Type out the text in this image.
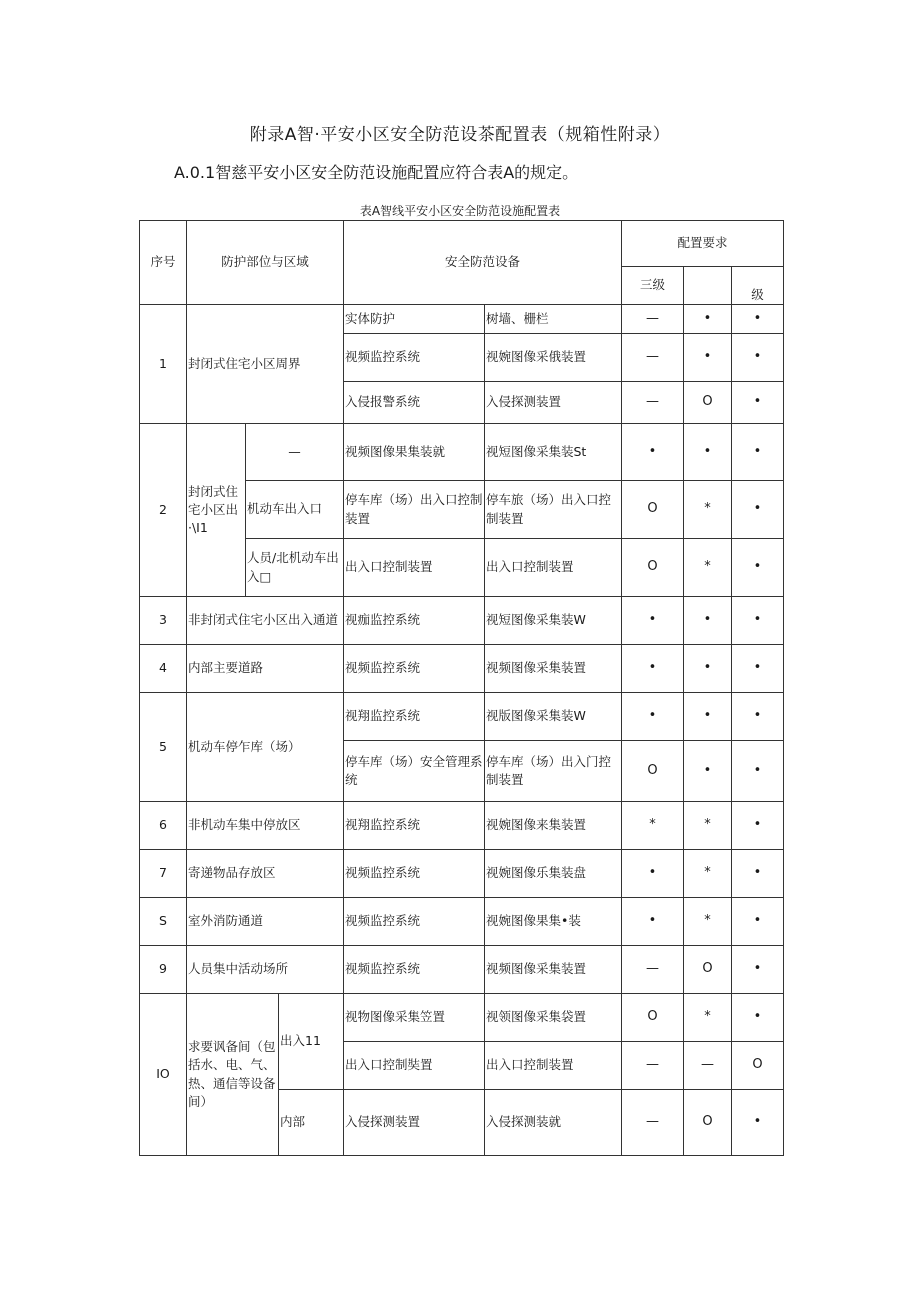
附录A智·平安小区安全防范设茶配置表（规箱性附录）

A.0.1智慈平安小区安全防范设施配置应符合表A的规定。

表A智线平安小区安全防范设施配置表

序号	防护部位与区域			安全防范设备		配置要求		
						三级		级
1	封闭式住宅小区周界			实体防护	树墙、栅栏	—	•	•
				视频监控系统	视婉图像采俄装置	—	•	•
				入侵报警系统	入侵探测装置	—	O	•
2	封闭式住宅小区出·\I1	—		视频图像果集装就	视短图像采集装St	•	•	•
		机动车出入口		停车库（场）出入口控制装置	停车旅（场）出入口控制装置	O	*	•
		人员/北机动车出入□		出入口控制装置	出入口控制装置	O	*	•
3	非封闭式住宅小区出入通道			视痂监控系统	视短图像采集装W	•	•	•
4	内部主要道路			视频监控系统	视频图像采集装置	•	•	•
5	机动车停乍库（场）			视翔监控系统	视版图像采集装W	•	•	•
				停车库（场）安全管理系统	停车库（场）出入门控制装置	O	•	•
6	非机动车集中停放区			视翔监控系统	视婉图像来集装置	*	*	•
7	寄递物品存放区			视频监控系统	视婉图像乐集装盘	•	*	•
S	室外消防通道			视频监控系统	视婉图像果集•装	•	*	•
9	人员集中活动场所			视频监控系统	视频图像采集装置	—	O	•
IO	求要讽备间（包括水、电、气、热、通信等设备间）		出入11	视物图像采集笠置	视领图像采集袋置	O	*	•
				出入口控制奘置	出入口控制装置	—	—	O
			内部	入侵探测装置	入侵探测装就	—	O	•
